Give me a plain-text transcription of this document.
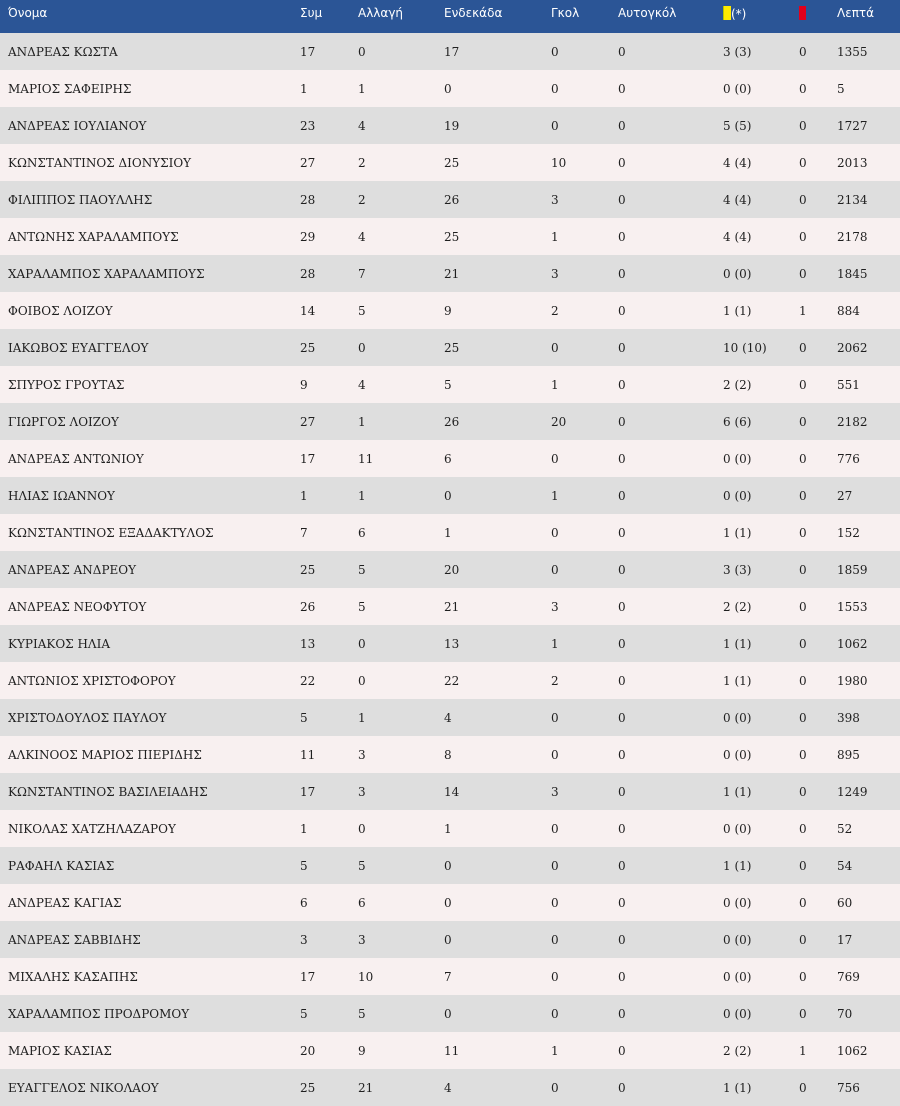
Όνομα	Συμ	Αλλαγή	Ενδεκάδα	Γκολ	Αυτογκόλ	(*)		Λεπτά
ΑΝΔΡΕΑΣ ΚΩΣΤΑ	17	0	17	0	0	3 (3)	0	1355
ΜΑΡΙΟΣ ΣΑΦΕΙΡΗΣ	1	1	0	0	0	0 (0)	0	5
ΑΝΔΡΕΑΣ ΙΟΥΛΙΑΝΟΥ	23	4	19	0	0	5 (5)	0	1727
ΚΩΝΣΤΑΝΤΙΝΟΣ ΔΙΟΝΥΣΙΟΥ	27	2	25	10	0	4 (4)	0	2013
ΦΙΛΙΠΠΟΣ ΠΑΟΥΛΛΗΣ	28	2	26	3	0	4 (4)	0	2134
ΑΝΤΩΝΗΣ ΧΑΡΑΛΑΜΠΟΥΣ	29	4	25	1	0	4 (4)	0	2178
ΧΑΡΑΛΑΜΠΟΣ ΧΑΡΑΛΑΜΠΟΥΣ	28	7	21	3	0	0 (0)	0	1845
ΦΟΙΒΟΣ ΛΟΙΖΟΥ	14	5	9	2	0	1 (1)	1	884
ΙΑΚΩΒΟΣ ΕΥΑΓΓΕΛΟΥ	25	0	25	0	0	10 (10)	0	2062
ΣΠΥΡΟΣ ΓΡΟΥΤΑΣ	9	4	5	1	0	2 (2)	0	551
ΓΙΩΡΓΟΣ ΛΟΙΖΟΥ	27	1	26	20	0	6 (6)	0	2182
ΑΝΔΡΕΑΣ ΑΝΤΩΝΙΟΥ	17	11	6	0	0	0 (0)	0	776
ΗΛΙΑΣ ΙΩΑΝΝΟΥ	1	1	0	1	0	0 (0)	0	27
ΚΩΝΣΤΑΝΤΙΝΟΣ ΕΞΑΔΑΚΤΥΛΟΣ	7	6	1	0	0	1 (1)	0	152
ΑΝΔΡΕΑΣ ΑΝΔΡΕΟΥ	25	5	20	0	0	3 (3)	0	1859
ΑΝΔΡΕΑΣ ΝΕΟΦΥΤΟΥ	26	5	21	3	0	2 (2)	0	1553
ΚΥΡΙΑΚΟΣ ΗΛΙΑ	13	0	13	1	0	1 (1)	0	1062
ΑΝΤΩΝΙΟΣ ΧΡΙΣΤΟΦΟΡΟΥ	22	0	22	2	0	1 (1)	0	1980
ΧΡΙΣΤΟΔΟΥΛΟΣ ΠΑΥΛΟΥ	5	1	4	0	0	0 (0)	0	398
ΑΛΚΙΝΟΟΣ ΜΑΡΙΟΣ ΠΙΕΡΙΔΗΣ	11	3	8	0	0	0 (0)	0	895
ΚΩΝΣΤΑΝΤΙΝΟΣ ΒΑΣΙΛΕΙΑΔΗΣ	17	3	14	3	0	1 (1)	0	1249
ΝΙΚΟΛΑΣ ΧΑΤΖΗΛΑΖΑΡΟΥ	1	0	1	0	0	0 (0)	0	52
ΡΑΦΑΗΛ ΚΑΣΙΑΣ	5	5	0	0	0	1 (1)	0	54
ΑΝΔΡΕΑΣ ΚΑΓΙΑΣ	6	6	0	0	0	0 (0)	0	60
ΑΝΔΡΕΑΣ ΣΑΒΒΙΔΗΣ	3	3	0	0	0	0 (0)	0	17
ΜΙΧΑΛΗΣ ΚΑΣΑΠΗΣ	17	10	7	0	0	0 (0)	0	769
ΧΑΡΑΛΑΜΠΟΣ ΠΡΟΔΡΟΜΟΥ	5	5	0	0	0	0 (0)	0	70
ΜΑΡΙΟΣ ΚΑΣΙΑΣ	20	9	11	1	0	2 (2)	1	1062
ΕΥΑΓΓΕΛΟΣ ΝΙΚΟΛΑΟΥ	25	21	4	0	0	1 (1)	0	756
